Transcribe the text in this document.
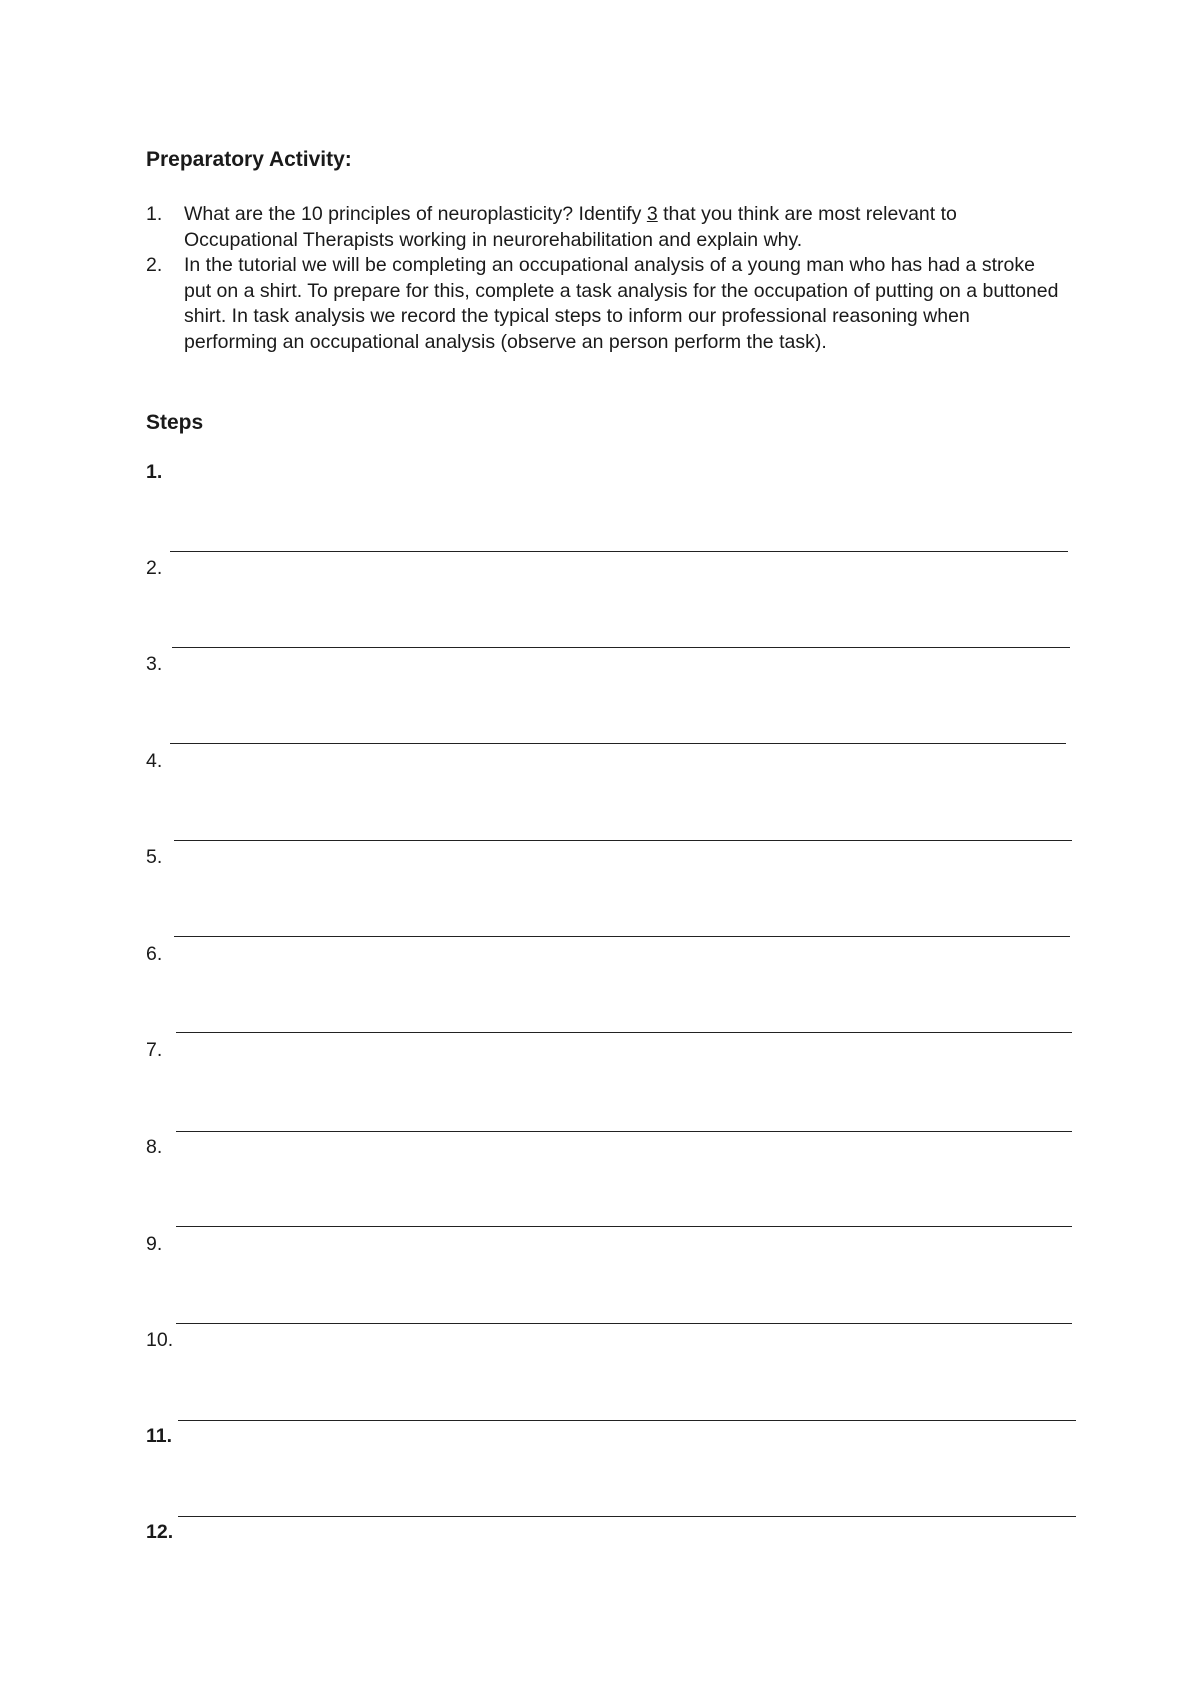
Preparatory Activity:
1. What are the 10 principles of neuroplasticity? Identify 3 that you think are most relevant to Occupational Therapists working in neurorehabilitation and explain why.
2. In the tutorial we will be completing an occupational analysis of a young man who has had a stroke put on a shirt. To prepare for this, complete a task analysis for the occupation of putting on a buttoned shirt. In task analysis we record the typical steps to inform our professional reasoning when performing an occupational analysis (observe an person perform the task).
Steps
1.
2.
3.
4.
5.
6.
7.
8.
9.
10.
11.
12.
